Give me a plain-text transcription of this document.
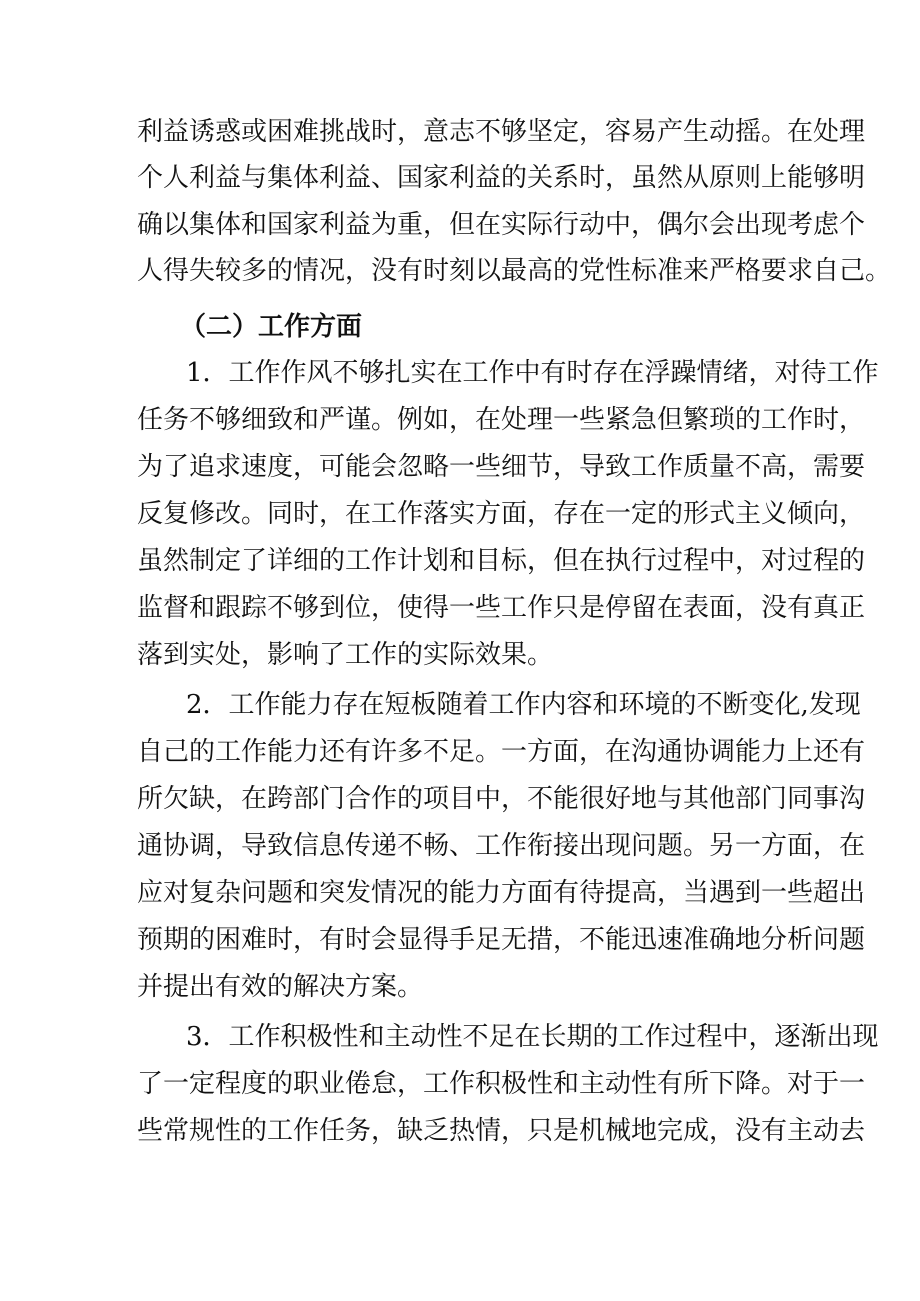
利益诱惑或困难挑战时，意志不够坚定，容易产生动摇。在处理
个人利益与集体利益、国家利益的关系时，虽然从原则上能够明
确以集体和国家利益为重，但在实际行动中，偶尔会出现考虑个
人得失较多的情况，没有时刻以最高的党性标准来严格要求自己。
（二）工作方面
1．工作作风不够扎实在工作中有时存在浮躁情绪，对待工作
任务不够细致和严谨。例如，在处理一些紧急但繁琐的工作时，
为了追求速度，可能会忽略一些细节，导致工作质量不高，需要
反复修改。同时，在工作落实方面，存在一定的形式主义倾向，
虽然制定了详细的工作计划和目标，但在执行过程中，对过程的
监督和跟踪不够到位，使得一些工作只是停留在表面，没有真正
落到实处，影响了工作的实际效果。
2．工作能力存在短板随着工作内容和环境的不断变化,发现
自己的工作能力还有许多不足。一方面，在沟通协调能力上还有
所欠缺，在跨部门合作的项目中，不能很好地与其他部门同事沟
通协调，导致信息传递不畅、工作衔接出现问题。另一方面，在
应对复杂问题和突发情况的能力方面有待提高，当遇到一些超出
预期的困难时，有时会显得手足无措，不能迅速准确地分析问题
并提出有效的解决方案。
3．工作积极性和主动性不足在长期的工作过程中，逐渐出现
了一定程度的职业倦怠，工作积极性和主动性有所下降。对于一
些常规性的工作任务，缺乏热情，只是机械地完成，没有主动去
